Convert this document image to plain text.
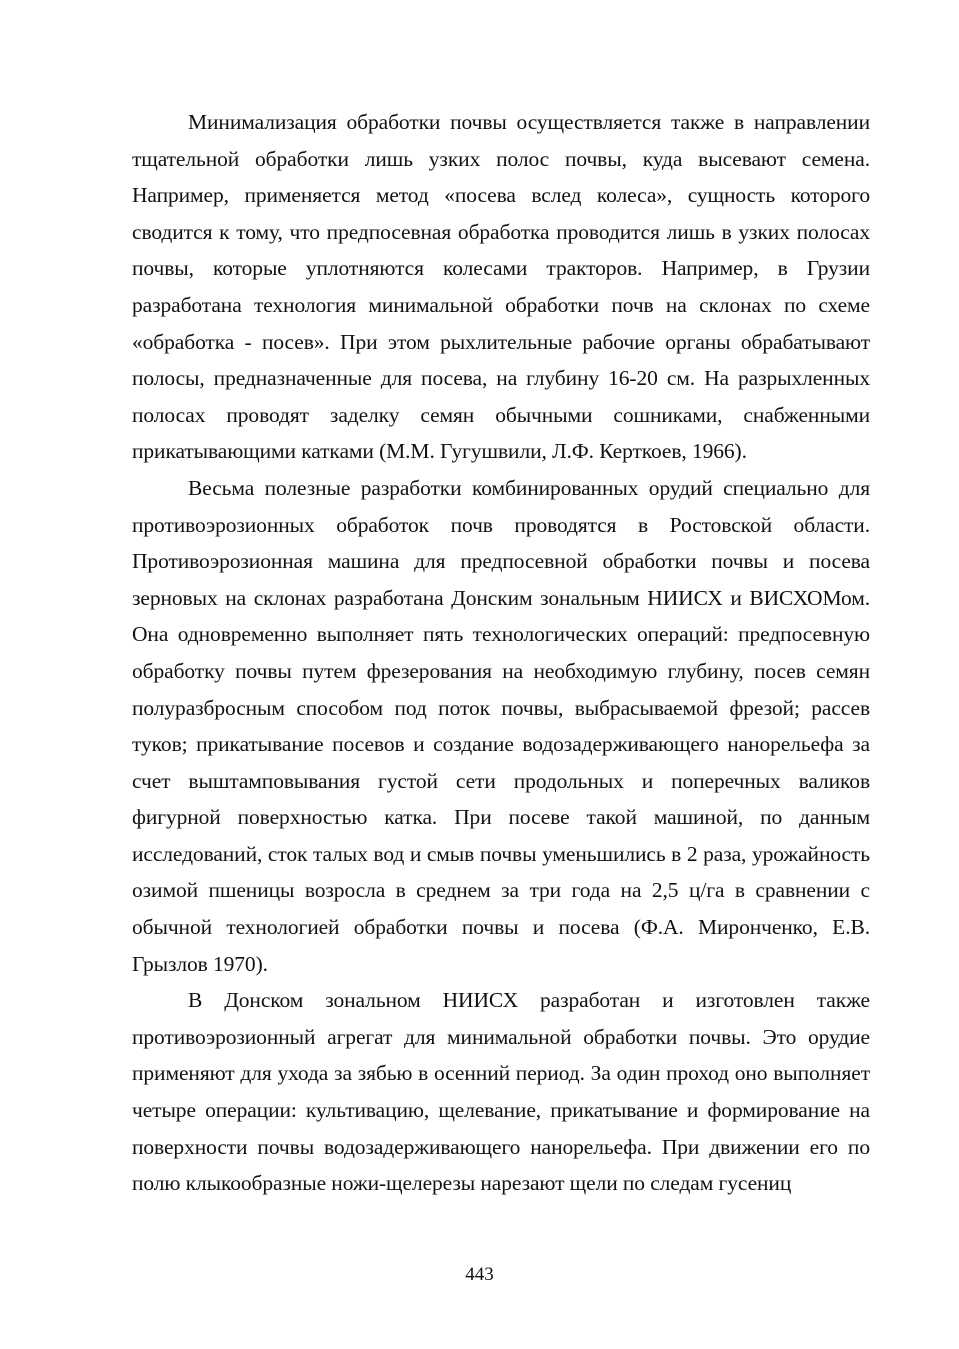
Минимализация обработки почвы осуществляется также в направлении тщательной обработки лишь узких полос почвы, куда высевают семена. Например, применяется метод «посева вслед колеса», сущность которого сводится к тому, что предпосевная обработка проводится лишь в узких полосах почвы, которые уплотняются колесами тракторов. Например, в Грузии разработана технология минимальной обработки почв на склонах по схеме «обработка - посев». При этом рыхлительные рабочие органы обрабатывают полосы, предназначенные для посева, на глубину 16-20 см. На разрыхленных полосах проводят заделку семян обычными сошниками, снабженными прикатывающими катками (М.М. Гугушвили, Л.Ф. Керткоев, 1966).

Весьма полезные разработки комбинированных орудий специально для противоэрозионных обработок почв проводятся в Ростовской области. Противоэрозионная машина для предпосевной обработки почвы и посева зерновых на склонах разработана Донским зональным НИИСХ и ВИСХОМом. Она одновременно выполняет пять технологических операций: предпосевную обработку почвы путем фрезерования на необходимую глубину, посев семян полуразбросным способом под поток почвы, выбрасываемой фрезой; рассев туков; прикатывание посевов и создание водозадерживающего нанорельефа за счет выштамповывания густой сети продольных и поперечных валиков фигурной поверхностью катка. При посеве такой машиной, по данным исследований, сток талых вод и смыв почвы уменьшились в 2 раза, урожайность озимой пшеницы возросла в среднем за три года на 2,5 ц/га в сравнении с обычной технологией обработки почвы и посева (Ф.А. Миронченко, Е.В. Грызлов 1970).

В Донском зональном НИИСХ разработан и изготовлен также противоэрозионный агрегат для минимальной обработки почвы. Это орудие применяют для ухода за зябью в осенний период. За один проход оно выполняет четыре операции: культивацию, щелевание, прикатывание и формирование на поверхности почвы водозадерживающего нанорельефа. При движении его по полю клыкообразные ножи-щелерезы нарезают щели по следам гусениц

443
